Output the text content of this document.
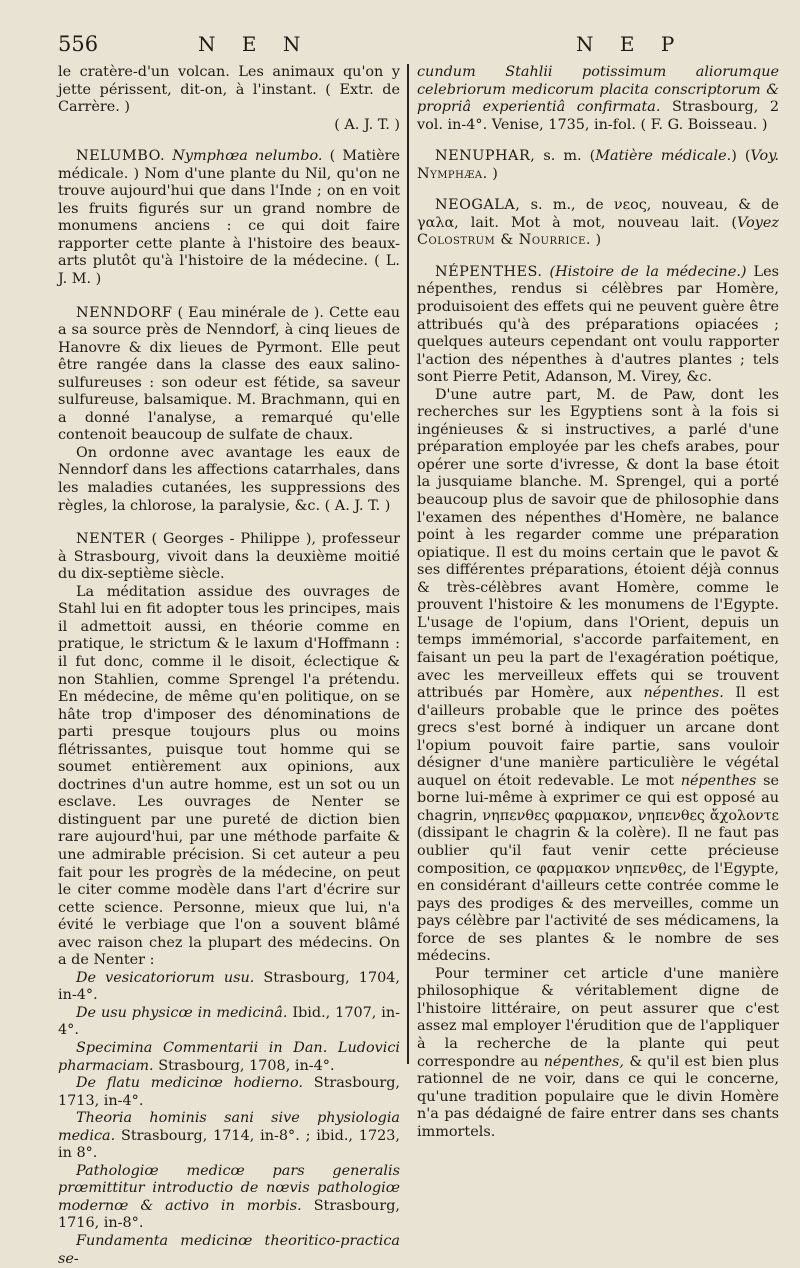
556	N E N	N E P

le cratère-d'un volcan. Les animaux qu'on y jette périssent, dit-on, à l'instant. ( Extr. de Carrère. )

( A. J. T. )

NELUMBO. Nymphœa nelumbo. ( Matière médicale. ) Nom d'une plante du Nil, qu'on ne trouve aujourd'hui que dans l'Inde ; on en voit les fruits figurés sur un grand nombre de monumens anciens : ce qui doit faire rapporter cette plante à l'histoire des beaux-arts plutôt qu'à l'histoire de la médecine. ( L. J. M. )

NENNDORF ( Eau minérale de ). Cette eau a sa source près de Nenndorf, à cinq lieues de Hanovre & dix lieues de Pyrmont. Elle peut être rangée dans la classe des eaux salino-sulfureuses : son odeur est fétide, sa saveur sulfureuse, balsamique. M. Brachmann, qui en a donné l'analyse, a remarqué qu'elle contenoit beaucoup de sulfate de chaux.

On ordonne avec avantage les eaux de Nenndorf dans les affections catarrhales, dans les maladies cutanées, les suppressions des règles, la chlorose, la paralysie, &c. ( A. J. T. )

NENTER ( Georges - Philippe ), professeur à Strasbourg, vivoit dans la deuxième moitié du dix-septième siècle.

La méditation assidue des ouvrages de Stahl lui en fit adopter tous les principes, mais il admettoit aussi, en théorie comme en pratique, le strictum & le laxum d'Hoffmann : il fut donc, comme il le disoit, éclectique & non Stahlien, comme Sprengel l'a prétendu. En médecine, de même qu'en politique, on se hâte trop d'imposer des dénominations de parti presque toujours plus ou moins flétrissantes, puisque tout homme qui se soumet entièrement aux opinions, aux doctrines d'un autre homme, est un sot ou un esclave. Les ouvrages de Nenter se distinguent par une pureté de diction bien rare aujourd'hui, par une méthode parfaite & une admirable précision. Si cet auteur a peu fait pour les progrès de la médecine, on peut le citer comme modèle dans l'art d'écrire sur cette science. Personne, mieux que lui, n'a évité le verbiage que l'on a souvent blâmé avec raison chez la plupart des médecins. On a de Nenter :

De vesicatoriorum usu. Strasbourg, 1704, in-4°.

De usu physicœ in medicinâ. Ibid., 1707, in-4°.

Specimina Commentarii in Dan. Ludovici pharmaciam. Strasbourg, 1708, in-4°.

De flatu medicinœ hodierno. Strasbourg, 1713, in-4°.

Theoria hominis sani sive physiologia medica. Strasbourg, 1714, in-8°. ; ibid., 1723, in 8°.

Pathologiœ medicœ pars generalis prœmittitur introductio de nœvis pathologiœ modernœ & activo in morbis. Strasbourg, 1716, in-8°.

Fundamenta medicinœ theoritico-practica se-

cundum Stahlii potissimum aliorumque celebriorum medicorum placita conscriptorum & propriâ experientiâ confirmata. Strasbourg, 2 vol. in-4°. Venise, 1735, in-fol. ( F. G. Boisseau. )

NENUPHAR, s. m. (Matière médicale.) (Voy. Nymphæa. )

NEOGALA, s. m., de νεος, nouveau, & de γαλα, lait. Mot à mot, nouveau lait. (Voyez Colostrum & Nourrice. )

NÉPENTHES. (Histoire de la médecine.) Les népenthes, rendus si célèbres par Homère, produisoient des effets qui ne peuvent guère être attribués qu'à des préparations opiacées ; quelques auteurs cependant ont voulu rapporter l'action des népenthes à d'autres plantes ; tels sont Pierre Petit, Adanson, M. Virey, &c.

D'une autre part, M. de Paw, dont les recherches sur les Egyptiens sont à la fois si ingénieuses & si instructives, a parlé d'une préparation employée par les chefs arabes, pour opérer une sorte d'ivresse, & dont la base étoit la jusquiame blanche. M. Sprengel, qui a porté beaucoup plus de savoir que de philosophie dans l'examen des népenthes d'Homère, ne balance point à les regarder comme une préparation opiatique. Il est du moins certain que le pavot & ses différentes préparations, étoient déjà connus & très-célèbres avant Homère, comme le prouvent l'histoire & les monumens de l'Egypte. L'usage de l'opium, dans l'Orient, depuis un temps immémorial, s'accorde parfaitement, en faisant un peu la part de l'exagération poétique, avec les merveilleux effets qui se trouvent attribués par Homère, aux népenthes. Il est d'ailleurs probable que le prince des poëtes grecs s'est borné à indiquer un arcane dont l'opium pouvoit faire partie, sans vouloir désigner d'une manière particulière le végétal auquel on étoit redevable. Le mot népenthes se borne lui-même à exprimer ce qui est opposé au chagrin, νηπενθες φαρμακον, νηπενθες ἄχολοντε (dissipant le chagrin & la colère). Il ne faut pas oublier qu'il faut venir cette précieuse composition, ce φαρμακον νηπενθες, de l'Egypte, en considérant d'ailleurs cette contrée comme le pays des prodiges & des merveilles, comme un pays célèbre par l'activité de ses médicamens, la force de ses plantes & le nombre de ses médecins.

Pour terminer cet article d'une manière philosophique & véritablement digne de l'histoire littéraire, on peut assurer que c'est assez mal employer l'érudition que de l'appliquer à la recherche de la plante qui peut correspondre au népenthes, & qu'il est bien plus rationnel de ne voir, dans ce qui le concerne, qu'une tradition populaire que le divin Homère n'a pas dédaigné de faire entrer dans ses chants immortels.
